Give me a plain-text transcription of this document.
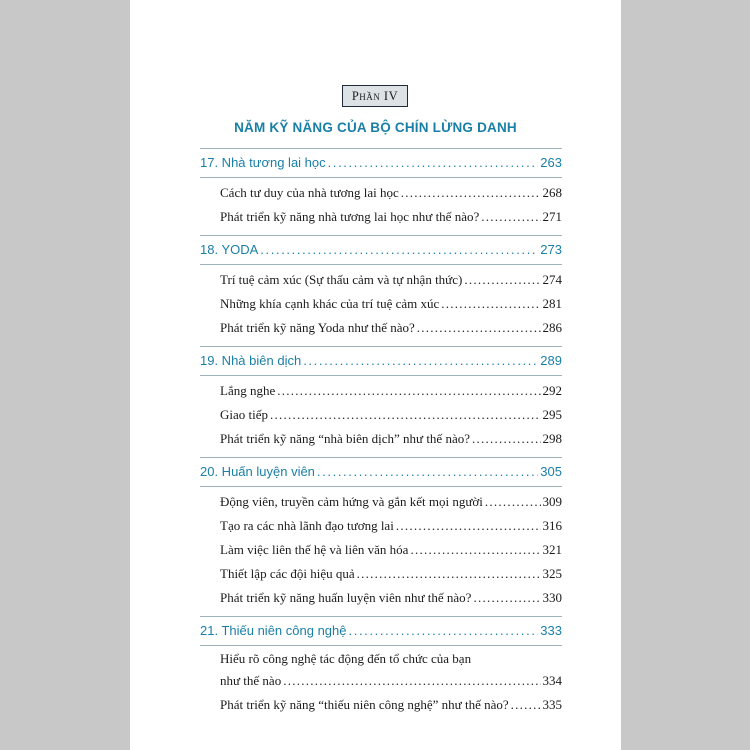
Phần IV
NĂM KỸ NĂNG CỦA BỘ CHÍN LỪNG DANH
17. Nhà tương lai học . . .	263
Cách tư duy của nhà tương lai học . . .	268
Phát triển kỹ năng nhà tương lai học như thế nào? . . .	271
18. YODA . . .	273
Trí tuệ cảm xúc (Sự thấu cảm và tự nhận thức) . . .	274
Những khía cạnh khác của trí tuệ cảm xúc . . .	281
Phát triển kỹ năng Yoda như thế nào? . . .	286
19. Nhà biên dịch . . .	289
Lắng nghe . . .	292
Giao tiếp . . .	295
Phát triển kỹ năng “nhà biên dịch” như thế nào? . . .	298
20. Huấn luyện viên . . .	305
Động viên, truyền cảm hứng và gắn kết mọi người . . .	309
Tạo ra các nhà lãnh đạo tương lai . . .	316
Làm việc liên thế hệ và liên văn hóa . . .	321
Thiết lập các đội hiệu quả . . .	325
Phát triển kỹ năng huấn luyện viên như thế nào? . . .	330
21. Thiếu niên công nghệ . . .	333
Hiểu rõ công nghệ tác động đến tổ chức của bạn
như thế nào . . .	334
Phát triển kỹ năng “thiếu niên công nghệ” như thế nào? . . .	335
